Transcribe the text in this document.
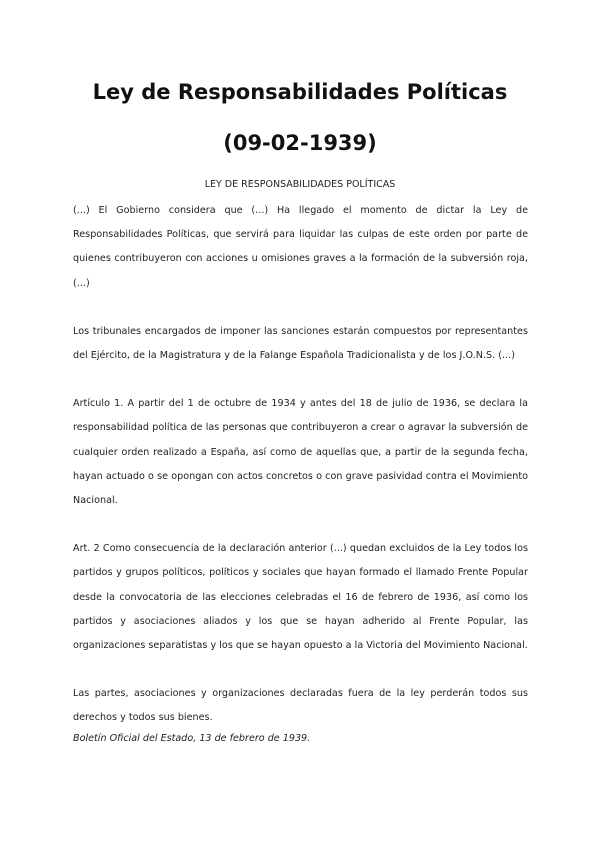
Ley de Responsabilidades Políticas
(09-02-1939)

LEY DE RESPONSABILIDADES POLÍTICAS

(...) El Gobierno considera que (...) Ha llegado el momento de dictar la Ley de Responsabilidades Políticas, que servirá para liquidar las culpas de este orden por parte de quienes contribuyeron con acciones u omisiones graves a la formación de la subversión roja, (...)

Los tribunales encargados de imponer las sanciones estarán compuestos por representantes del Ejército, de la Magistratura y de la Falange Española Tradicionalista y de los J.O.N.S. (...)

Artículo 1. A partir del 1 de octubre de 1934 y antes del 18 de julio de 1936, se declara la responsabilidad política de las personas que contribuyeron a crear o agravar la subversión de cualquier orden realizado a España, así como de aquellas que, a partir de la segunda fecha, hayan actuado o se opongan con actos concretos o con grave pasividad contra el Movimiento Nacional.

Art. 2 Como consecuencia de la declaración anterior (...) quedan excluidos de la Ley todos los partidos y grupos políticos, políticos y sociales que hayan formado el llamado Frente Popular desde la convocatoria de las elecciones celebradas el 16 de febrero de 1936, así como los partidos y asociaciones aliados y los que se hayan adherido al Frente Popular, las organizaciones separatistas y los que se hayan opuesto a la Victoria del Movimiento Nacional.

Las partes, asociaciones y organizaciones declaradas fuera de la ley perderán todos sus derechos y todos sus bienes.

Boletín Oficial del Estado, 13 de febrero de 1939.
